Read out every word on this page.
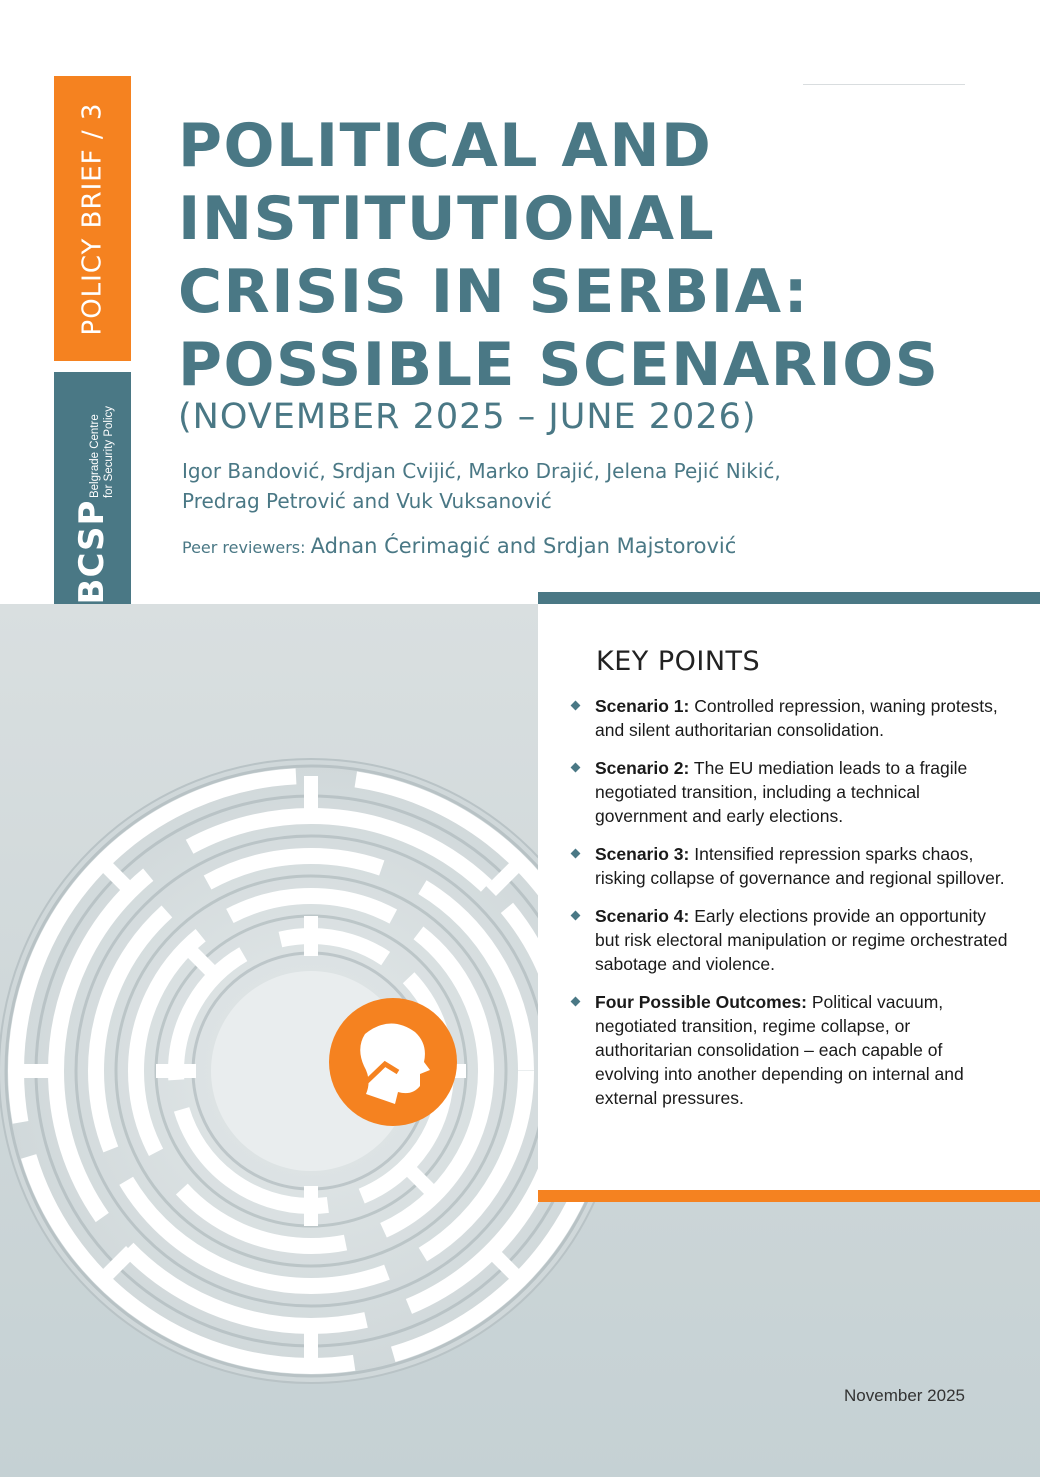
POLICY BRIEF / 3
Belgrade Centre for Security Policy
BCSP
POLITICAL AND
INSTITUTIONAL
CRISIS IN SERBIA:
POSSIBLE SCENARIOS
(NOVEMBER 2025 – JUNE 2026)
Igor Bandović, Srdjan Cvijić, Marko Drajić, Jelena Pejić Nikić,
Predrag Petrović and Vuk Vuksanović
Peer reviewers: Adnan Ćerimagić and Srdjan Majstorović
KEY POINTS
Scenario 1: Controlled repression, waning protests, and silent authoritarian consolidation.
Scenario 2: The EU mediation leads to a fragile negotiated transition, including a technical government and early elections.
Scenario 3: Intensified repression sparks chaos, risking collapse of governance and regional spillover.
Scenario 4: Early elections provide an opportunity but risk electoral manipulation or regime orchestrated sabotage and violence.
Four Possible Outcomes: Political vacuum, negotiated transition, regime collapse, or authoritarian consolidation – each capable of evolving into another depending on internal and external pressures.
November 2025
